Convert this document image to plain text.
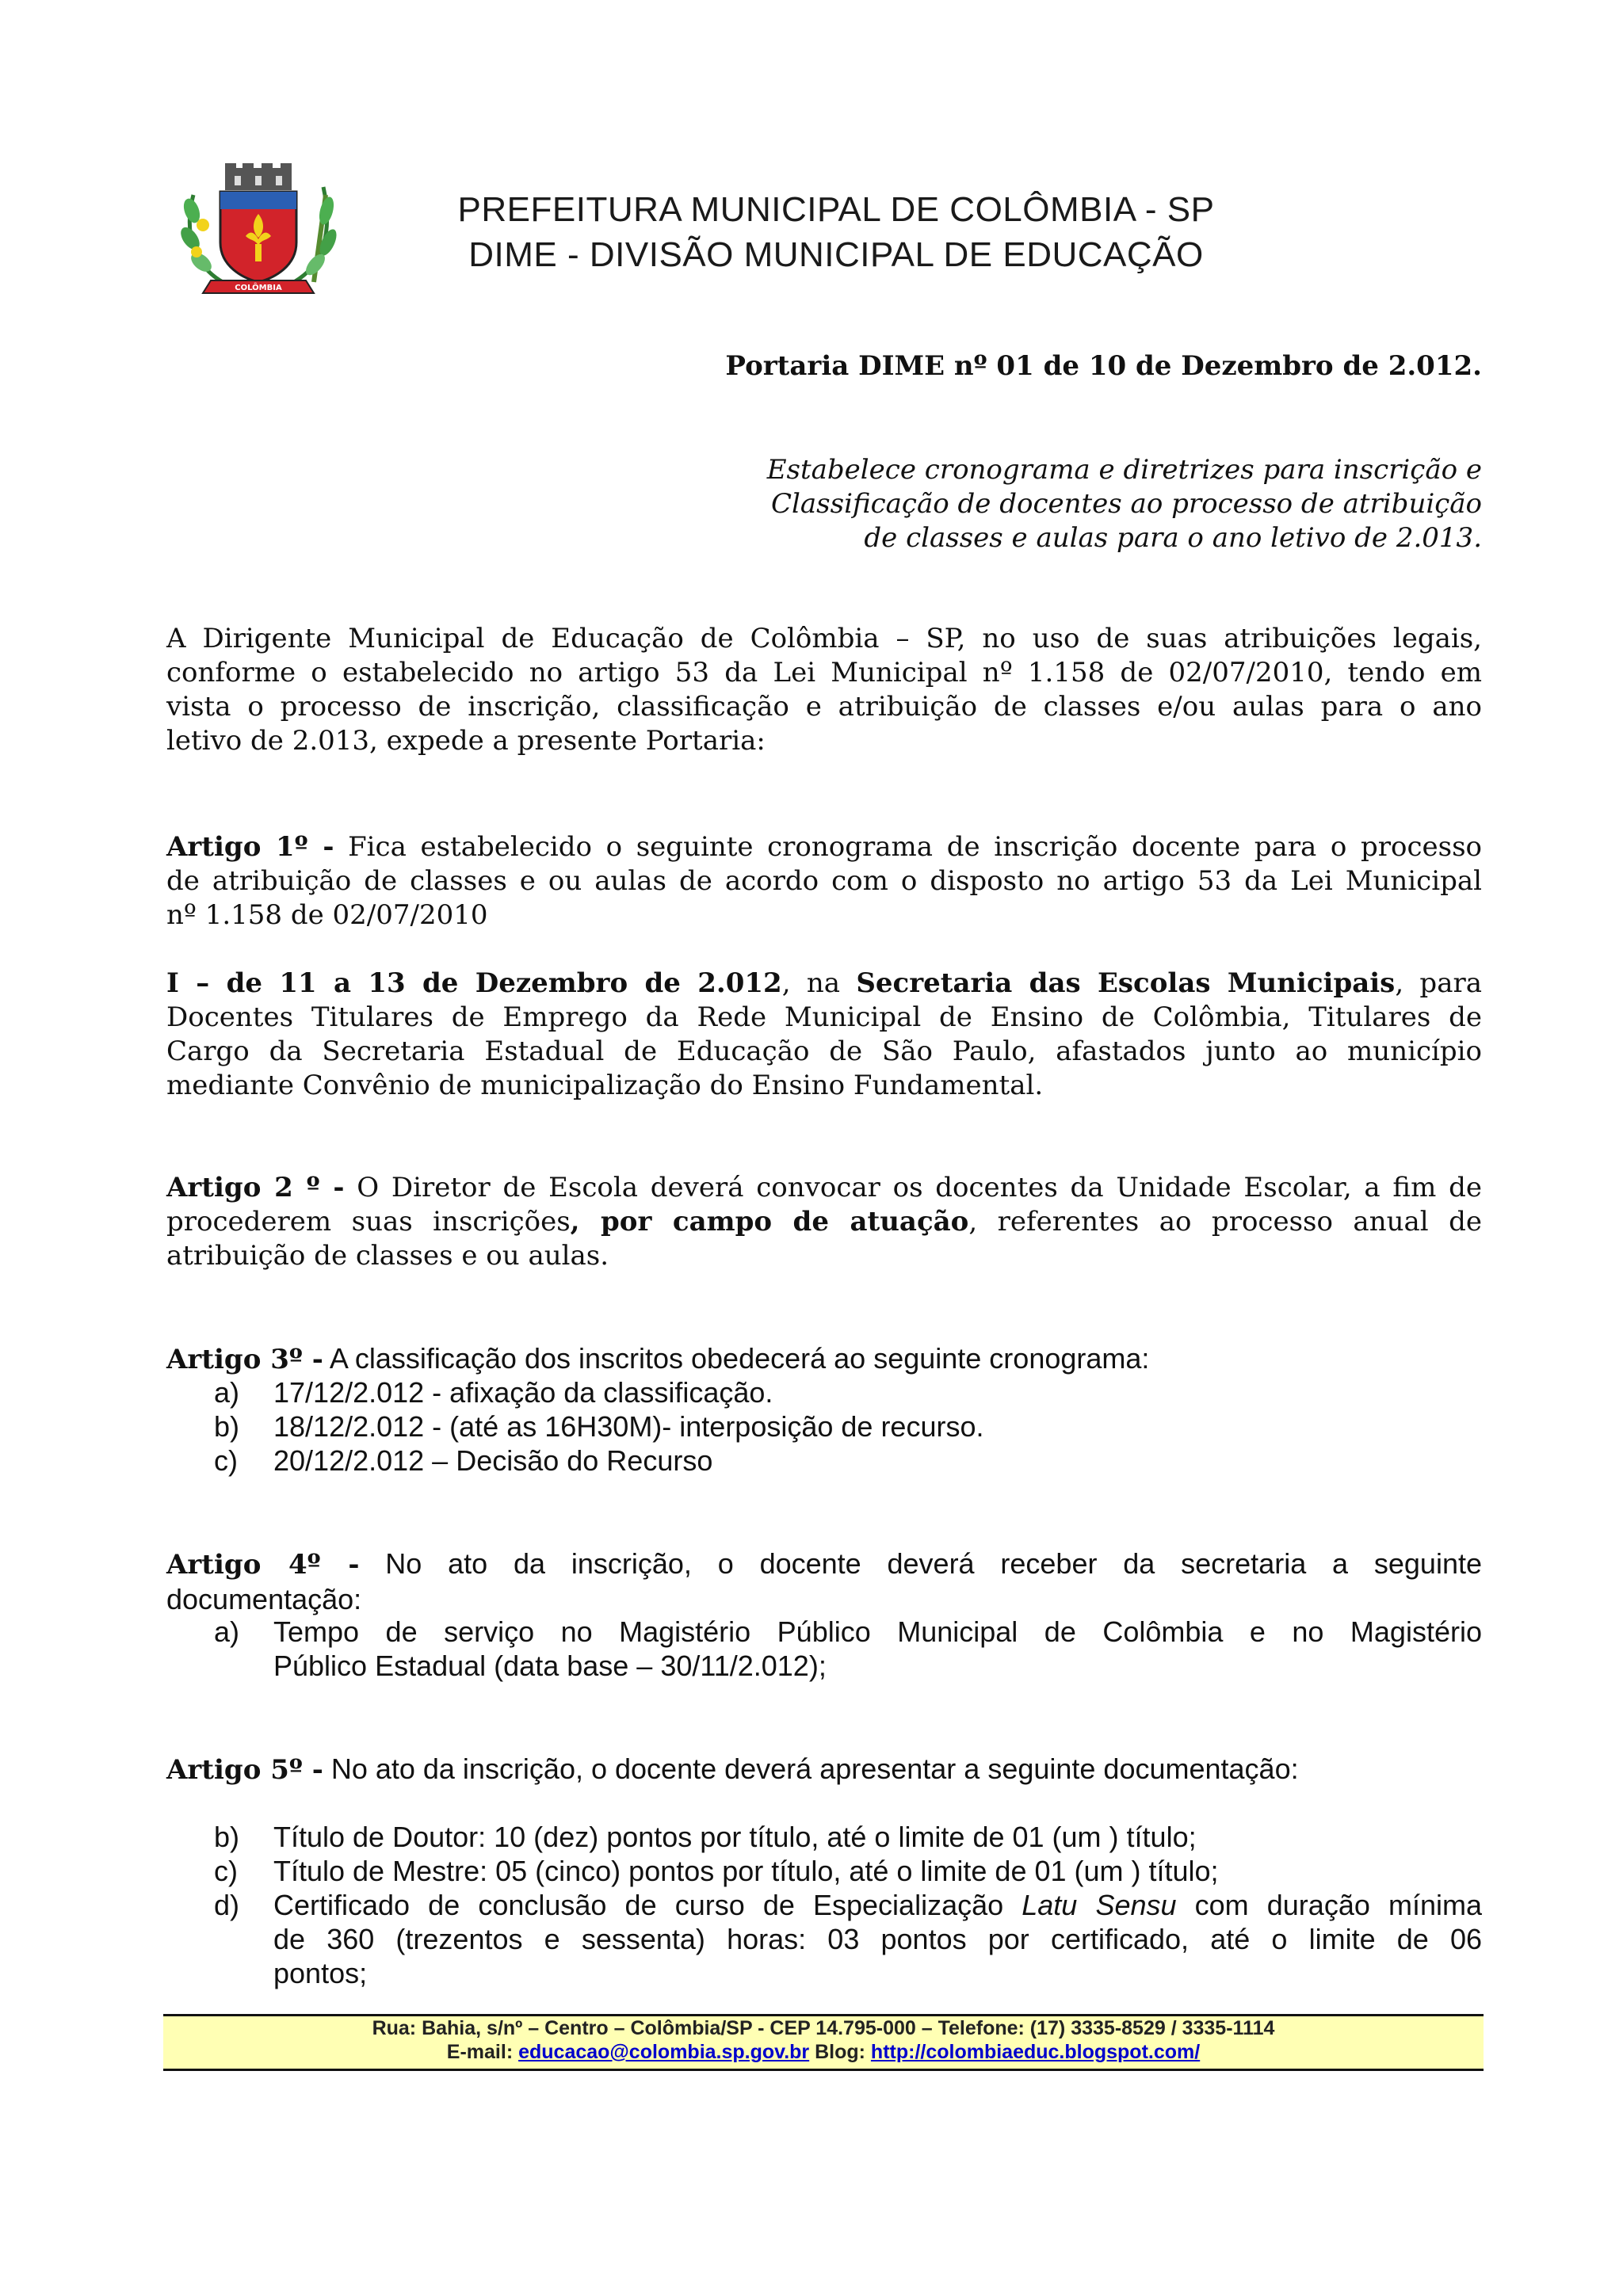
COLÔMBIA
PREFEITURA MUNICIPAL DE COLÔMBIA - SP
DIME - DIVISÃO MUNICIPAL DE EDUCAÇÃO
Portaria DIME nº 01 de 10 de Dezembro de 2.012.
Estabelece cronograma e diretrizes para inscrição e
Classificação de docentes ao processo de atribuição
de classes e aulas para o ano letivo de 2.013.
A Dirigente Municipal de Educação de Colômbia – SP, no uso de suas atribuições legais,
conforme o estabelecido no artigo 53 da Lei Municipal nº 1.158 de 02/07/2010, tendo em
vista o processo de inscrição, classificação e atribuição de classes e/ou aulas para o ano
letivo de 2.013, expede a presente Portaria:
Artigo 1º - Fica estabelecido o seguinte cronograma de inscrição docente para o processo
de atribuição de classes e ou aulas de acordo com o disposto no artigo 53 da Lei Municipal
nº 1.158 de 02/07/2010
I – de 11 a 13 de Dezembro de 2.012, na Secretaria das Escolas Municipais, para
Docentes Titulares de Emprego da Rede Municipal de Ensino de Colômbia, Titulares de
Cargo da Secretaria Estadual de Educação de São Paulo, afastados junto ao município
mediante Convênio de municipalização do Ensino Fundamental.
Artigo 2 º - O Diretor de Escola deverá convocar os docentes da Unidade Escolar, a fim de
procederem suas inscrições, por campo de atuação, referentes ao processo anual de
atribuição de classes e ou aulas.
Artigo 3º - A classificação dos inscritos obedecerá ao seguinte cronograma:
a)	17/12/2.012 - afixação da classificação.
b)	18/12/2.012 - (até as 16H30M)- interposição de recurso.
c)	20/12/2.012 – Decisão do Recurso
Artigo 4º - No ato da inscrição, o docente deverá receber da secretaria a seguinte
documentação:
a)	Tempo de serviço no Magistério Público Municipal de Colômbia e no Magistério
Público Estadual (data base – 30/11/2.012);
Artigo 5º - No ato da inscrição, o docente deverá apresentar a seguinte documentação:
b)	Título de Doutor: 10 (dez) pontos por título, até o limite de 01 (um ) título;
c)	Título de Mestre: 05 (cinco) pontos por título, até o limite de 01 (um ) título;
d)	Certificado de conclusão de curso de Especialização Latu Sensu com duração mínima
de 360 (trezentos e sessenta) horas: 03 pontos por certificado, até o limite de 06
pontos;
Rua: Bahia, s/nº – Centro – Colômbia/SP - CEP 14.795-000 – Telefone: (17) 3335-8529 / 3335-1114
E-mail: educacao@colombia.sp.gov.br Blog: http://colombiaeduc.blogspot.com/
